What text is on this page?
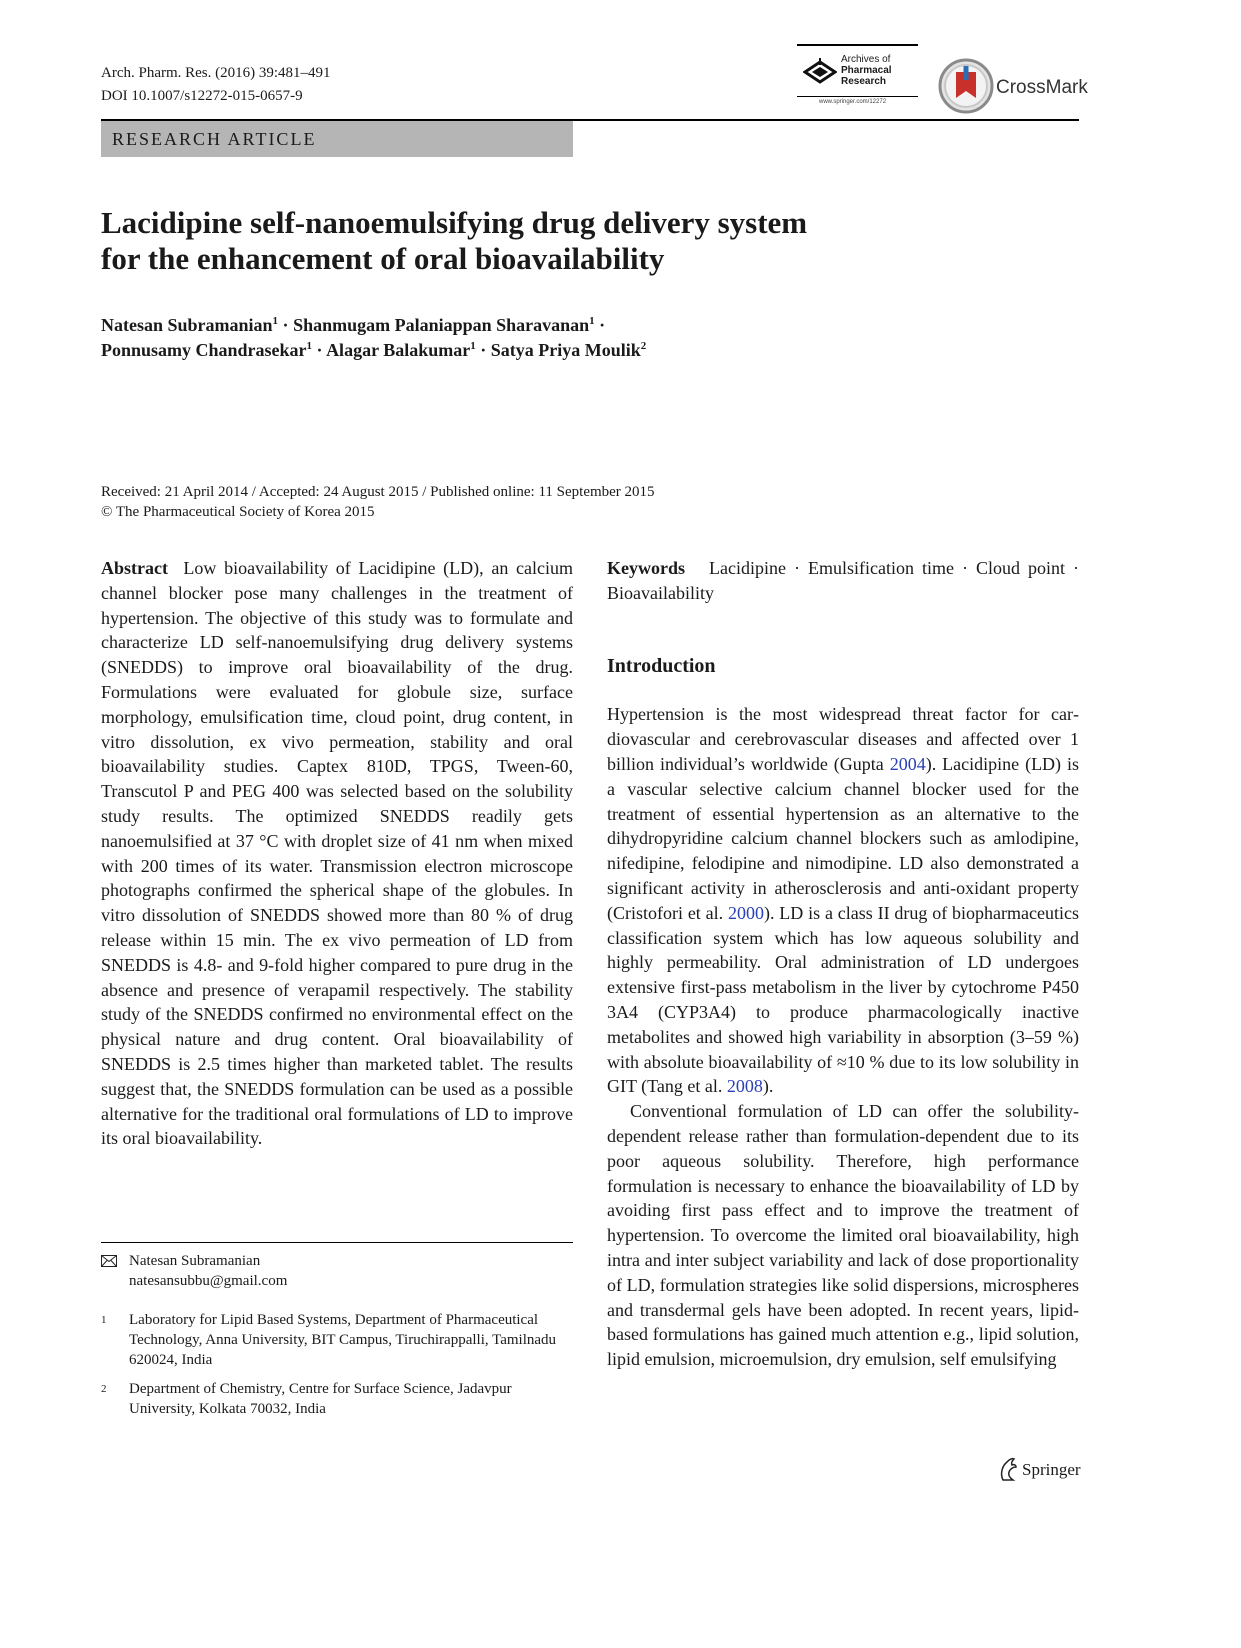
Arch. Pharm. Res. (2016) 39:481–491
DOI 10.1007/s12272-015-0657-9
Archives of
Pharmacal
Research
www.springer.com/12272
CrossMark
RESEARCH ARTICLE
Lacidipine self-nanoemulsifying drug delivery system
for the enhancement of oral bioavailability
Natesan Subramanian$^1$ · Shanmugam Palaniappan Sharavanan$^1$ ·
Ponnusamy Chandrasekar$^1$ · Alagar Balakumar$^1$ · Satya Priya Moulik$^2$
Received: 21 April 2014 / Accepted: 24 August 2015 / Published online: 11 September 2015
© The Pharmaceutical Society of Korea 2015

Abstract Low bioavailability of Lacidipine (LD), an calcium channel blocker pose many challenges in the treatment of hypertension. The objective of this study was to formulate and characterize LD self-nanoemulsifying drug delivery systems (SNEDDS) to improve oral bioavailability of the drug. Formulations were evaluated for globule size, surface morphology, emulsification time, cloud point, drug content, in vitro dissolution, ex vivo permeation, stability and oral bioavailability studies. Captex 810D, TPGS, Tween-60, Transcutol P and PEG 400 was selected based on the solubility study results. The optimized SNEDDS readily gets nanoemulsified at 37 °C with droplet size of 41 nm when mixed with 200 times of its water. Transmission electron microscope photographs confirmed the spherical shape of the globules. In vitro dissolution of SNEDDS showed more than 80 % of drug release within 15 min. The ex vivo permeation of LD from SNEDDS is 4.8- and 9-fold higher compared to pure drug in the absence and presence of verapamil respectively. The stability study of the SNEDDS confirmed no environmental effect on the physical nature and drug content. Oral bioavailability of SNEDDS is 2.5 times higher than marketed tablet. The results suggest that, the SNEDDS formulation can be used as a possible alternative for the traditional oral formulations of LD to improve its oral bioavailability.

Natesan Subramanian
natesansubbu@gmail.com
1 Laboratory for Lipid Based Systems, Department of Pharmaceutical Technology, Anna University, BIT Campus, Tiruchirappalli, Tamilnadu 620024, India
2 Department of Chemistry, Centre for Surface Science, Jadavpur University, Kolkata 70032, India

Keywords Lacidipine · Emulsification time · Cloud point · Bioavailability

Introduction

Hypertension is the most widespread threat factor for cardiovascular and cerebrovascular diseases and affected over 1 billion individual’s worldwide (Gupta 2004). Lacidipine (LD) is a vascular selective calcium channel blocker used for the treatment of essential hypertension as an alternative to the dihydropyridine calcium channel blockers such as amlodipine, nifedipine, felodipine and nimodipine. LD also demonstrated a significant activity in atherosclerosis and anti-oxidant property (Cristofori et al. 2000). LD is a class II drug of biopharmaceutics classification system which has low aqueous solubility and highly permeability. Oral administration of LD undergoes extensive first-pass metabolism in the liver by cytochrome P450 3A4 (CYP3A4) to produce pharmacologically inactive metabolites and showed high variability in absorption (3–59 %) with absolute bioavailability of ≈10 % due to its low solubility in GIT (Tang et al. 2008).

Conventional formulation of LD can offer the solubility-dependent release rather than formulation-dependent due to its poor aqueous solubility. Therefore, high performance formulation is necessary to enhance the bioavailability of LD by avoiding first pass effect and to improve the treatment of hypertension. To overcome the limited oral bioavailability, high intra and inter subject variability and lack of dose proportionality of LD, formulation strategies like solid dispersions, microspheres and transdermal gels have been adopted. In recent years, lipid-based formulations has gained much attention e.g., lipid solution, lipid emulsion, microemulsion, dry emulsion, self emulsifying

Springer
